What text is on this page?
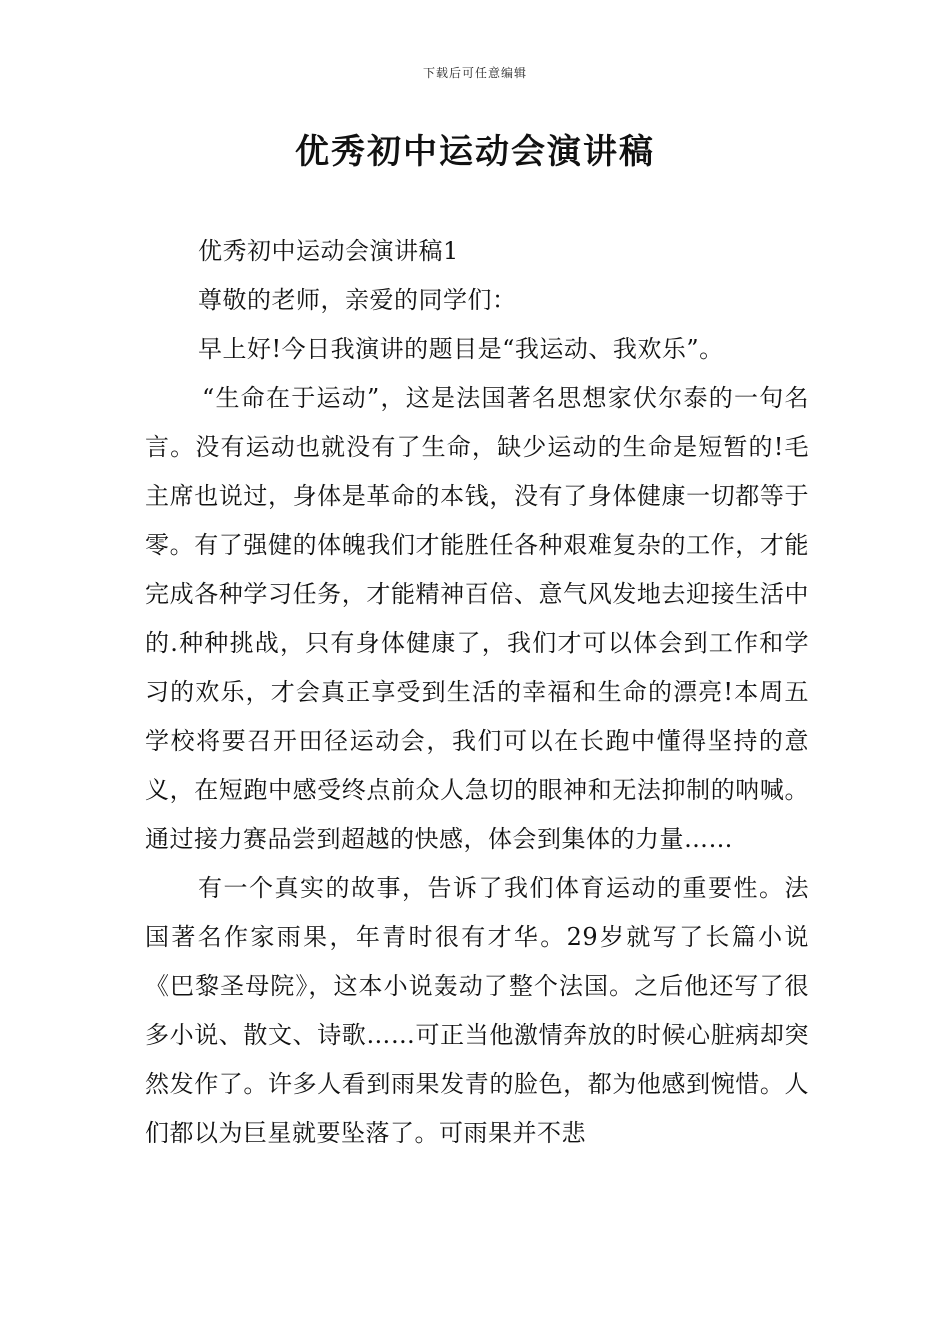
下载后可任意编辑
优秀初中运动会演讲稿

优秀初中运动会演讲稿1

尊敬的老师，亲爱的同学们：

早上好!今日我演讲的题目是“我运动、我欢乐”。

“生命在于运动”，这是法国著名思想家伏尔泰的一句名言。没有运动也就没有了生命，缺少运动的生命是短暂的!毛主席也说过，身体是革命的本钱，没有了身体健康一切都等于零。有了强健的体魄我们才能胜任各种艰难复杂的工作，才能完成各种学习任务，才能精神百倍、意气风发地去迎接生活中的.种种挑战，只有身体健康了，我们才可以体会到工作和学习的欢乐，才会真正享受到生活的幸福和生命的漂亮!本周五学校将要召开田径运动会，我们可以在长跑中懂得坚持的意义，在短跑中感受终点前众人急切的眼神和无法抑制的呐喊。通过接力赛品尝到超越的快感，体会到集体的力量……

有一个真实的故事，告诉了我们体育运动的重要性。法国著名作家雨果，年青时很有才华。29岁就写了长篇小说《巴黎圣母院》，这本小说轰动了整个法国。之后他还写了很多小说、散文、诗歌……可正当他激情奔放的时候心脏病却突然发作了。许多人看到雨果发青的脸色，都为他感到惋惜。人们都以为巨星就要坠落了。可雨果并不悲
